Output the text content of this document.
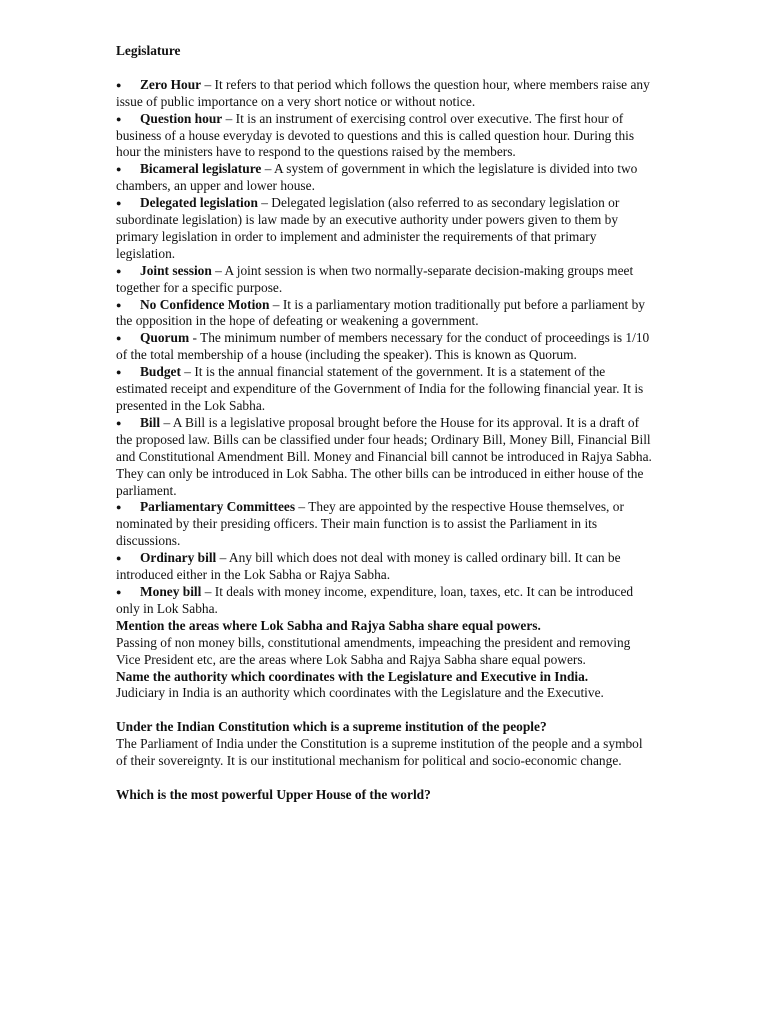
Legislature

● Zero Hour – It refers to that period which follows the question hour, where members raise any issue of public importance on a very short notice or without notice.
● Question hour – It is an instrument of exercising control over executive. The first hour of business of a house everyday is devoted to questions and this is called question hour. During this hour the ministers have to respond to the questions raised by the members.
● Bicameral legislature – A system of government in which the legislature is divided into two chambers, an upper and lower house.
● Delegated legislation – Delegated legislation (also referred to as secondary legislation or subordinate legislation) is law made by an executive authority under powers given to them by primary legislation in order to implement and administer the requirements of that primary legislation.
● Joint session – A joint session is when two normally-separate decision-making groups meet together for a specific purpose.
● No Confidence Motion – It is a parliamentary motion traditionally put before a parliament by the opposition in the hope of defeating or weakening a government.
● Quorum - The minimum number of members necessary for the conduct of proceedings is 1/10 of the total membership of a house (including the speaker). This is known as Quorum.
● Budget – It is the annual financial statement of the government. It is a statement of the estimated receipt and expenditure of the Government of India for the following financial year. It is presented in the Lok Sabha.
● Bill – A Bill is a legislative proposal brought before the House for its approval. It is a draft of the proposed law. Bills can be classified under four heads; Ordinary Bill, Money Bill, Financial Bill and Constitutional Amendment Bill. Money and Financial bill cannot be introduced in Rajya Sabha. They can only be introduced in Lok Sabha. The other bills can be introduced in either house of the parliament.
● Parliamentary Committees – They are appointed by the respective House themselves, or nominated by their presiding officers. Their main function is to assist the Parliament in its discussions.
● Ordinary bill – Any bill which does not deal with money is called ordinary bill. It can be introduced either in the Lok Sabha or Rajya Sabha.
● Money bill – It deals with money income, expenditure, loan, taxes, etc. It can be introduced only in Lok Sabha.

Mention the areas where Lok Sabha and Rajya Sabha share equal powers.

Passing of non money bills, constitutional amendments, impeaching the president and removing Vice President etc, are the areas where Lok Sabha and Rajya Sabha share equal powers.

Name the authority which coordinates with the Legislature and Executive in India.

Judiciary in India is an authority which coordinates with the Legislature and the Executive.

Under the Indian Constitution which is a supreme institution of the people?

The Parliament of India under the Constitution is a supreme institution of the people and a symbol of their sovereignty. It is our institutional mechanism for political and socio-economic change.

Which is the most powerful Upper House of the world?
